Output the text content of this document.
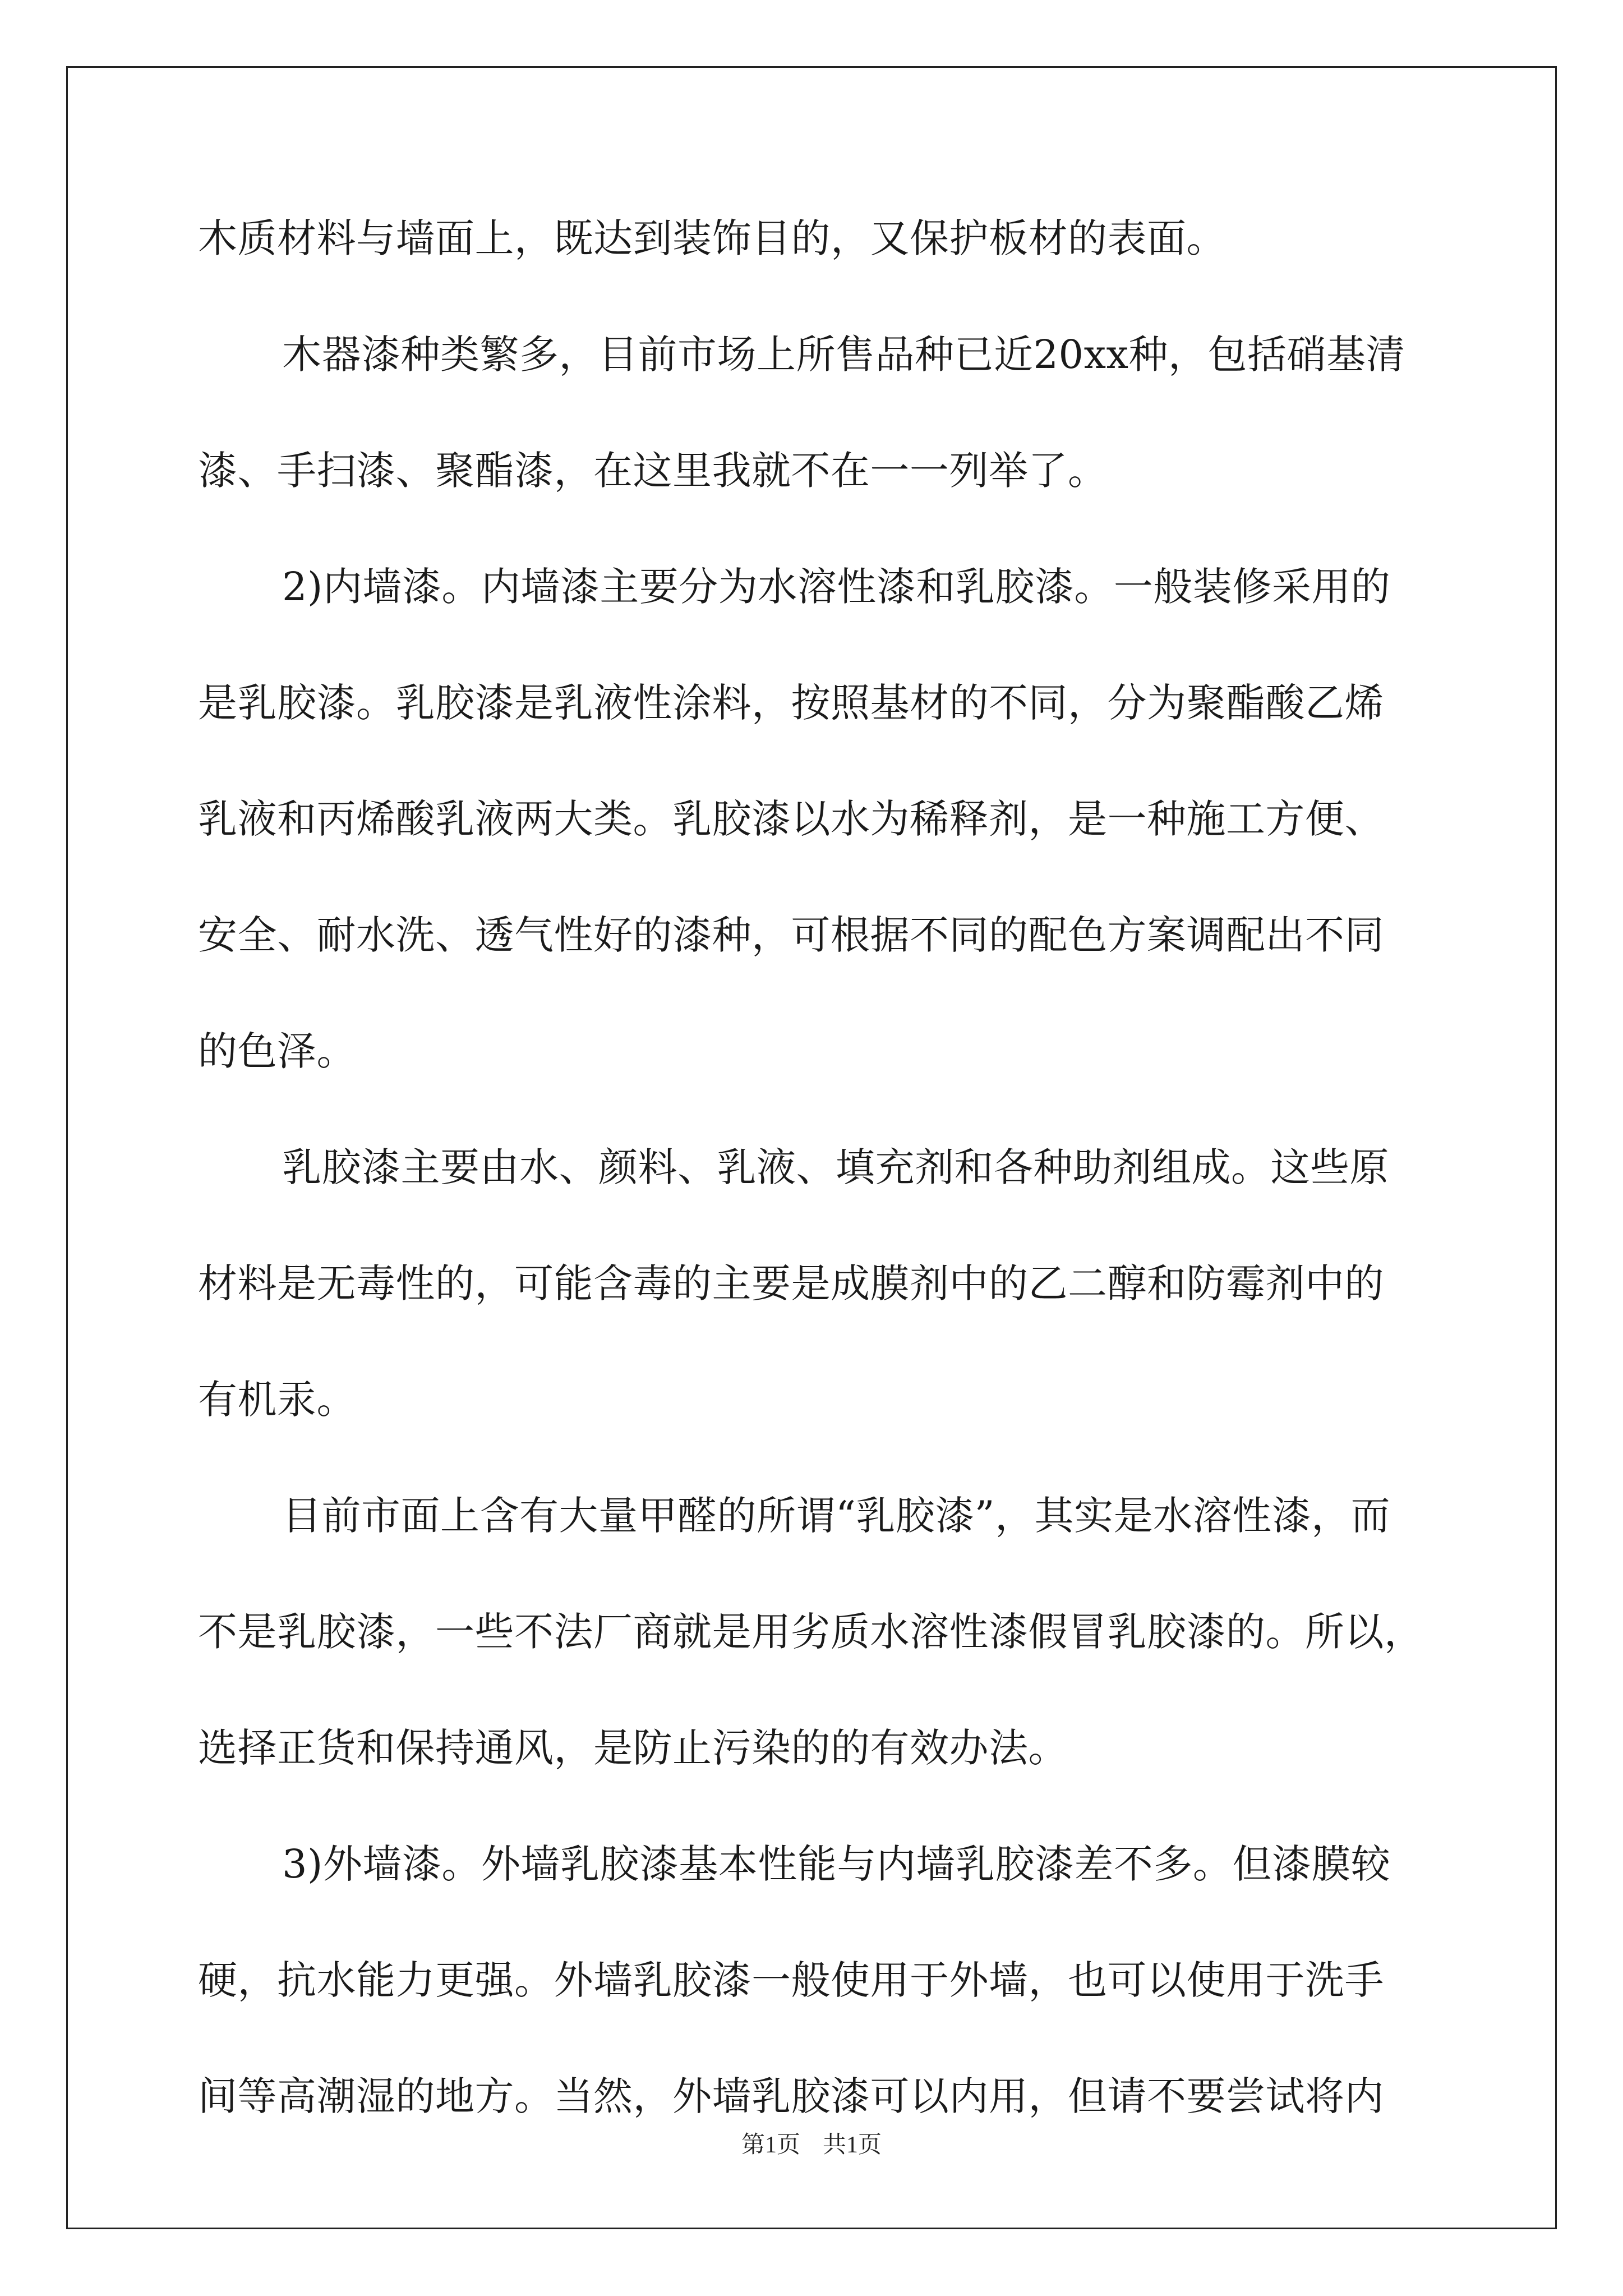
木质材料与墙面上，既达到装饰目的，又保护板材的表面。
木器漆种类繁多，目前市场上所售品种已近20xx种，包括硝基清
漆、手扫漆、聚酯漆，在这里我就不在一一列举了。
2)内墙漆。内墙漆主要分为水溶性漆和乳胶漆。一般装修采用的
是乳胶漆。乳胶漆是乳液性涂料，按照基材的不同，分为聚酯酸乙烯
乳液和丙烯酸乳液两大类。乳胶漆以水为稀释剂，是一种施工方便、
安全、耐水洗、透气性好的漆种，可根据不同的配色方案调配出不同
的色泽。
乳胶漆主要由水、颜料、乳液、填充剂和各种助剂组成。这些原
材料是无毒性的，可能含毒的主要是成膜剂中的乙二醇和防霉剂中的
有机汞。
目前市面上含有大量甲醛的所谓“乳胶漆”，其实是水溶性漆，而
不是乳胶漆，一些不法厂商就是用劣质水溶性漆假冒乳胶漆的。所以，
选择正货和保持通风，是防止污染的的有效办法。
3)外墙漆。外墙乳胶漆基本性能与内墙乳胶漆差不多。但漆膜较
硬，抗水能力更强。外墙乳胶漆一般使用于外墙，也可以使用于洗手
间等高潮湿的地方。当然，外墙乳胶漆可以内用，但请不要尝试将内
第1页 共1页
